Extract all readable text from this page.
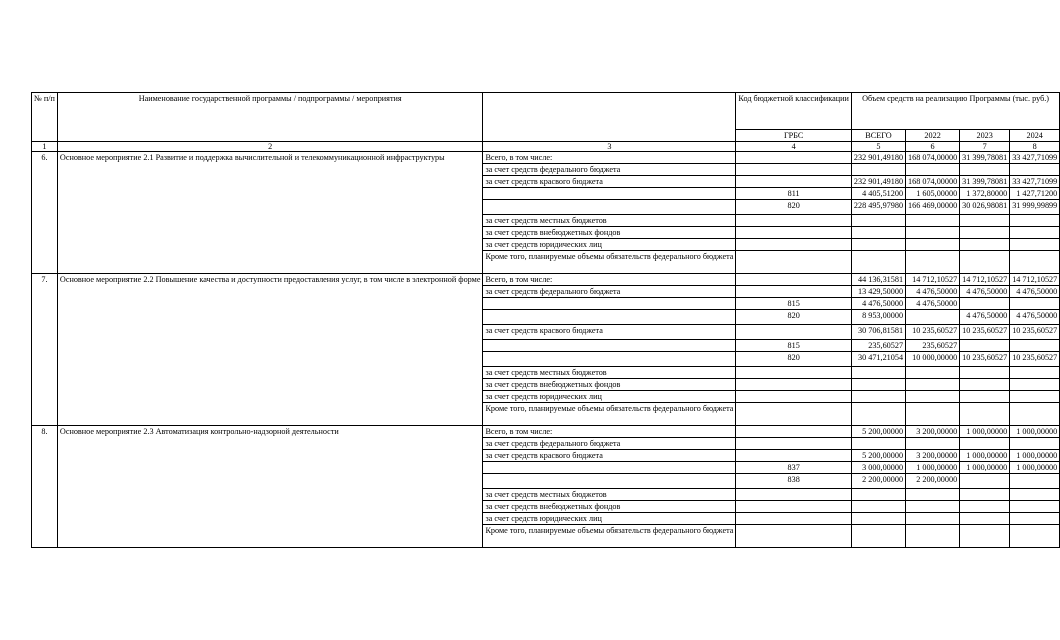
№ п/п	Наименование государственной программы / подпрограммы / мероприятия		Код бюджетной классификации	Объем средств на реализацию Программы (тыс. руб.)			
			ГРБС	ВСЕГО	2022	2023	2024
1	2	3	4	5	6	7	8
6.	Основное мероприятие 2.1 Развитие и поддержка вычислительной и телекоммуникационной инфраструктуры	Всего, в том числе:		232 901,49180	168 074,00000	31 399,78081	33 427,71099
		за счет средств федерального бюджета					
		за счет средств красвого бюджета		232 901,49180	168 074,00000	31 399,78081	33 427,71099
			811	4 405,51200	1 605,00000	1 372,80000	1 427,71200
			820	228 495,97980	166 469,00000	30 026,98081	31 999,99899
		за счет средств местных бюджетов					
		за счет средств внебюджетных фондов					
		за счет средств юридических лиц					
		Кроме того, планируемые объемы обязательств федерального бюджета					
7.	Основное мероприятие 2.2 Повышение качества и доступности предоставления услуг, в том числе в электронной форме	Всего, в том числе:		44 136,31581	14 712,10527	14 712,10527	14 712,10527
		за счет средств федерального бюджета		13 429,50000	4 476,50000	4 476,50000	4 476,50000
			815	4 476,50000	4 476,50000		
			820	8 953,00000		4 476,50000	4 476,50000
		за счет средств красвого бюджета		30 706,81581	10 235,60527	10 235,60527	10 235,60527
			815	235,60527	235,60527		
			820	30 471,21054	10 000,00000	10 235,60527	10 235,60527
		за счет средств местных бюджетов					
		за счет средств внебюджетных фондов					
		за счет средств юридических лиц					
		Кроме того, планируемые объемы обязательств федерального бюджета					
8.	Основное мероприятие 2.3 Автоматизация контрольно-надзорной деятельности	Всего, в том числе:		5 200,00000	3 200,00000	1 000,00000	1 000,00000
		за счет средств федерального бюджета					
		за счет средств красвого бюджета		5 200,00000	3 200,00000	1 000,00000	1 000,00000
			837	3 000,00000	1 000,00000	1 000,00000	1 000,00000
			838	2 200,00000	2 200,00000		
		за счет средств местных бюджетов					
		за счет средств внебюджетных фондов					
		за счет средств юридических лиц					
		Кроме того, планируемые объемы обязательств федерального бюджета					
